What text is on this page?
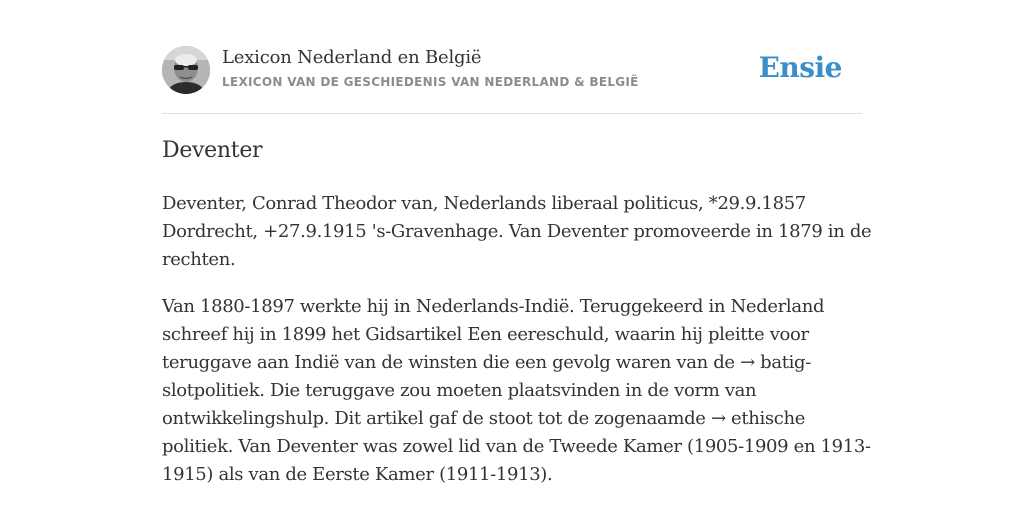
Lexicon Nederland en België
LEXICON VAN DE GESCHIEDENIS VAN NEDERLAND & BELGIË	Ensie
Deventer

Deventer, Conrad Theodor van, Nederlands liberaal politicus, *29.9.1857
Dordrecht, +27.9.1915 's-Gravenhage. Van Deventer promoveerde in 1879 in de
rechten.

Van 1880-1897 werkte hij in Nederlands-Indië. Teruggekeerd in Nederland
schreef hij in 1899 het Gidsartikel Een eereschuld, waarin hij pleitte voor
teruggave aan Indië van de winsten die een gevolg waren van de → batig-
slotpolitiek. Die teruggave zou moeten plaatsvinden in de vorm van
ontwikkelingshulp. Dit artikel gaf de stoot tot de zogenaamde → ethische
politiek. Van Deventer was zowel lid van de Tweede Kamer (1905-1909 en 1913-
1915) als van de Eerste Kamer (1911-1913).
